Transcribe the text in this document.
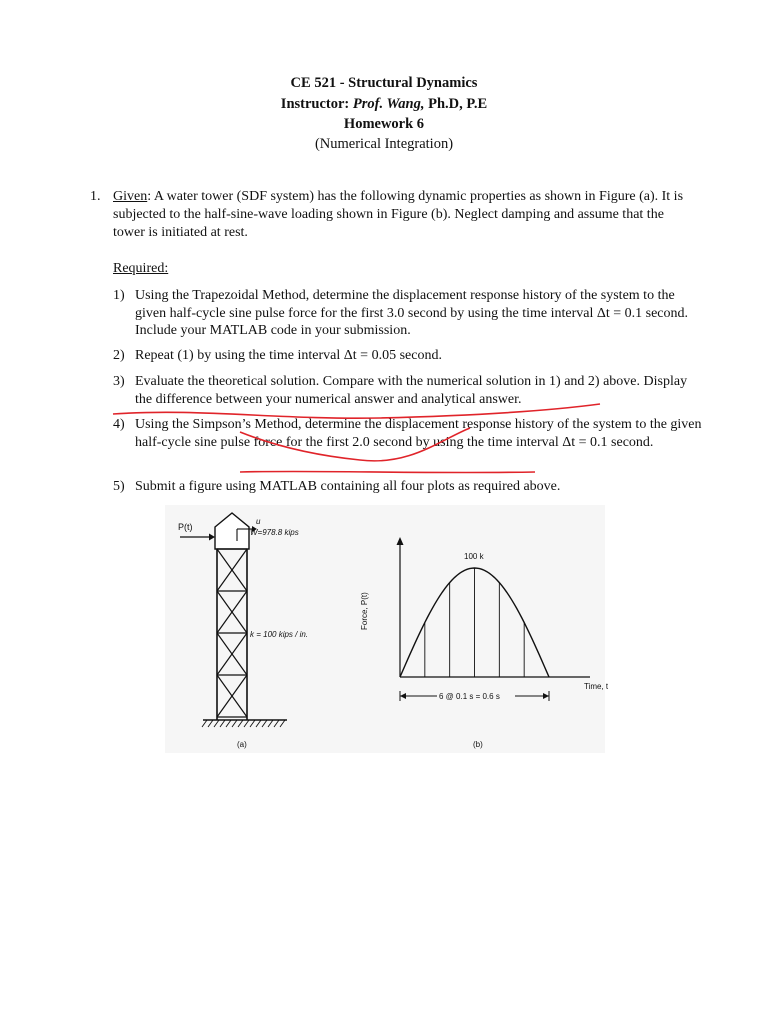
CE 521 - Structural Dynamics
Instructor: Prof. Wang, Ph.D, P.E
Homework 6
(Numerical Integration)
1. Given: A water tower (SDF system) has the following dynamic properties as shown in Figure (a). It is subjected to the half-sine-wave loading shown in Figure (b). Neglect damping and assume that the tower is initiated at rest.
Required:
1) Using the Trapezoidal Method, determine the displacement response history of the system to the given half-cycle sine pulse force for the first 3.0 second by using the time interval Δt = 0.1 second. Include your MATLAB code in your submission.
2) Repeat (1) by using the time interval Δt = 0.05 second.
3) Evaluate the theoretical solution. Compare with the numerical solution in 1) and 2) above. Display the difference between your numerical answer and analytical answer.
4) Using the Simpson’s Method, determine the displacement response history of the system to the given half-cycle sine pulse force for the first 2.0 second by using the time interval Δt = 0.1 second.
5) Submit a figure using MATLAB containing all four plots as required above.
P(t)
u
W=978.8 kips
k = 100 kips / in.
(a)
100 k
Force, P(t)
Time, t
6 @ 0.1 s = 0.6 s
(b)
